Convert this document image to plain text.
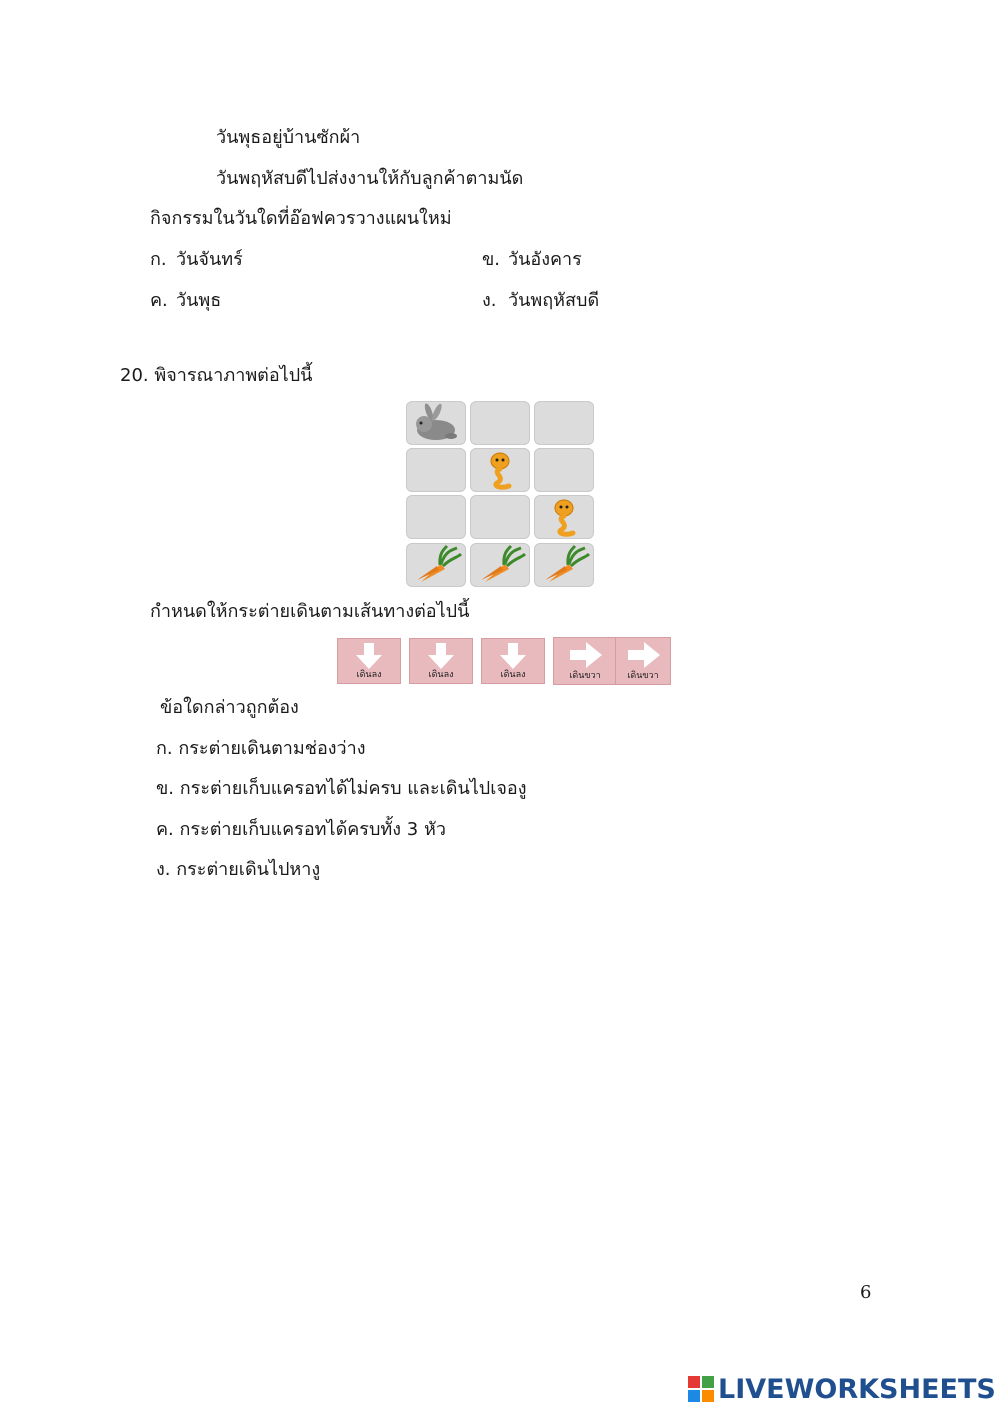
วันพุธอยู่บ้านซักผ้า
วันพฤหัสบดีไปส่งงานให้กับลูกค้าตามนัด
กิจกรรมในวันใดที่อ๊อฟควรวางแผนใหม่
ก. วันจันทร์	ข. วันอังคาร
ค. วันพุธ	ง. วันพฤหัสบดี
20. พิจารณาภาพต่อไปนี้
กำหนดให้กระต่ายเดินตามเส้นทางต่อไปนี้
เดินลง	เดินลง	เดินลง	เดินขวา	เดินขวา
ข้อใดกล่าวถูกต้อง
ก. กระต่ายเดินตามช่องว่าง
ข. กระต่ายเก็บแครอทได้ไม่ครบ และเดินไปเจองู
ค. กระต่ายเก็บแครอทได้ครบทั้ง 3 หัว
ง. กระต่ายเดินไปหางู
6
LIVEWORKSHEETS
